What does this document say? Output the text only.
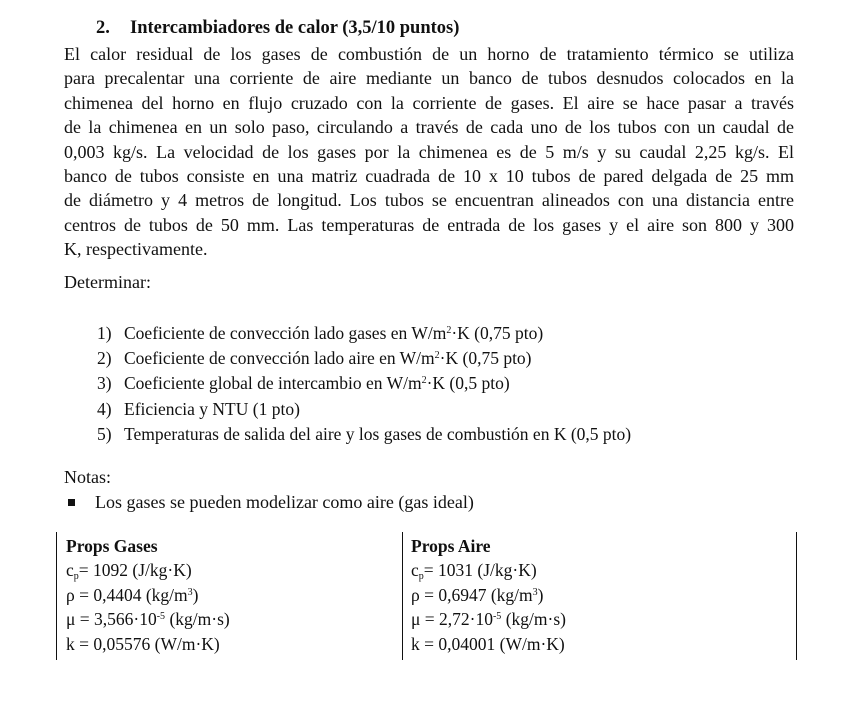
2. Intercambiadores de calor (3,5/10 puntos)
El calor residual de los gases de combustión de un horno de tratamiento térmico se utiliza
para precalentar una corriente de aire mediante un banco de tubos desnudos colocados en la
chimenea del horno en flujo cruzado con la corriente de gases. El aire se hace pasar a través
de la chimenea en un solo paso, circulando a través de cada uno de los tubos con un caudal de
0,003 kg/s. La velocidad de los gases por la chimenea es de 5 m/s y su caudal 2,25 kg/s. El
banco de tubos consiste en una matriz cuadrada de 10 x 10 tubos de pared delgada de 25 mm
de diámetro y 4 metros de longitud. Los tubos se encuentran alineados con una distancia entre
centros de tubos de 50 mm. Las temperaturas de entrada de los gases y el aire son 800 y 300
K, respectivamente.
Determinar:
1) Coeficiente de convección lado gases en $W/m^2\cdot K$ (0,75 pto)
2) Coeficiente de convección lado aire en $W/m^2\cdot K$ (0,75 pto)
3) Coeficiente global de intercambio en $W/m^2\cdot K$ (0,5 pto)
4) Eficiencia y NTU (1 pto)
5) Temperaturas de salida del aire y los gases de combustión en K (0,5 pto)
Notas:
Los gases se pueden modelizar como aire (gas ideal)
Props Gases
$c_p= 1092$ (J/kg·K)
ρ = 0,4404 $(kg/m^3)$
$\mu = 3,566\cdot 10^{-5}$ (kg/m·s)
k = 0,05576 (W/m·K)
Props Aire
$c_p= 1031$ (J/kg·K)
ρ = 0,6947 $(kg/m^3)$
$\mu = 2,72\cdot 10^{-5}$ (kg/m·s)
k = 0,04001 (W/m·K)
